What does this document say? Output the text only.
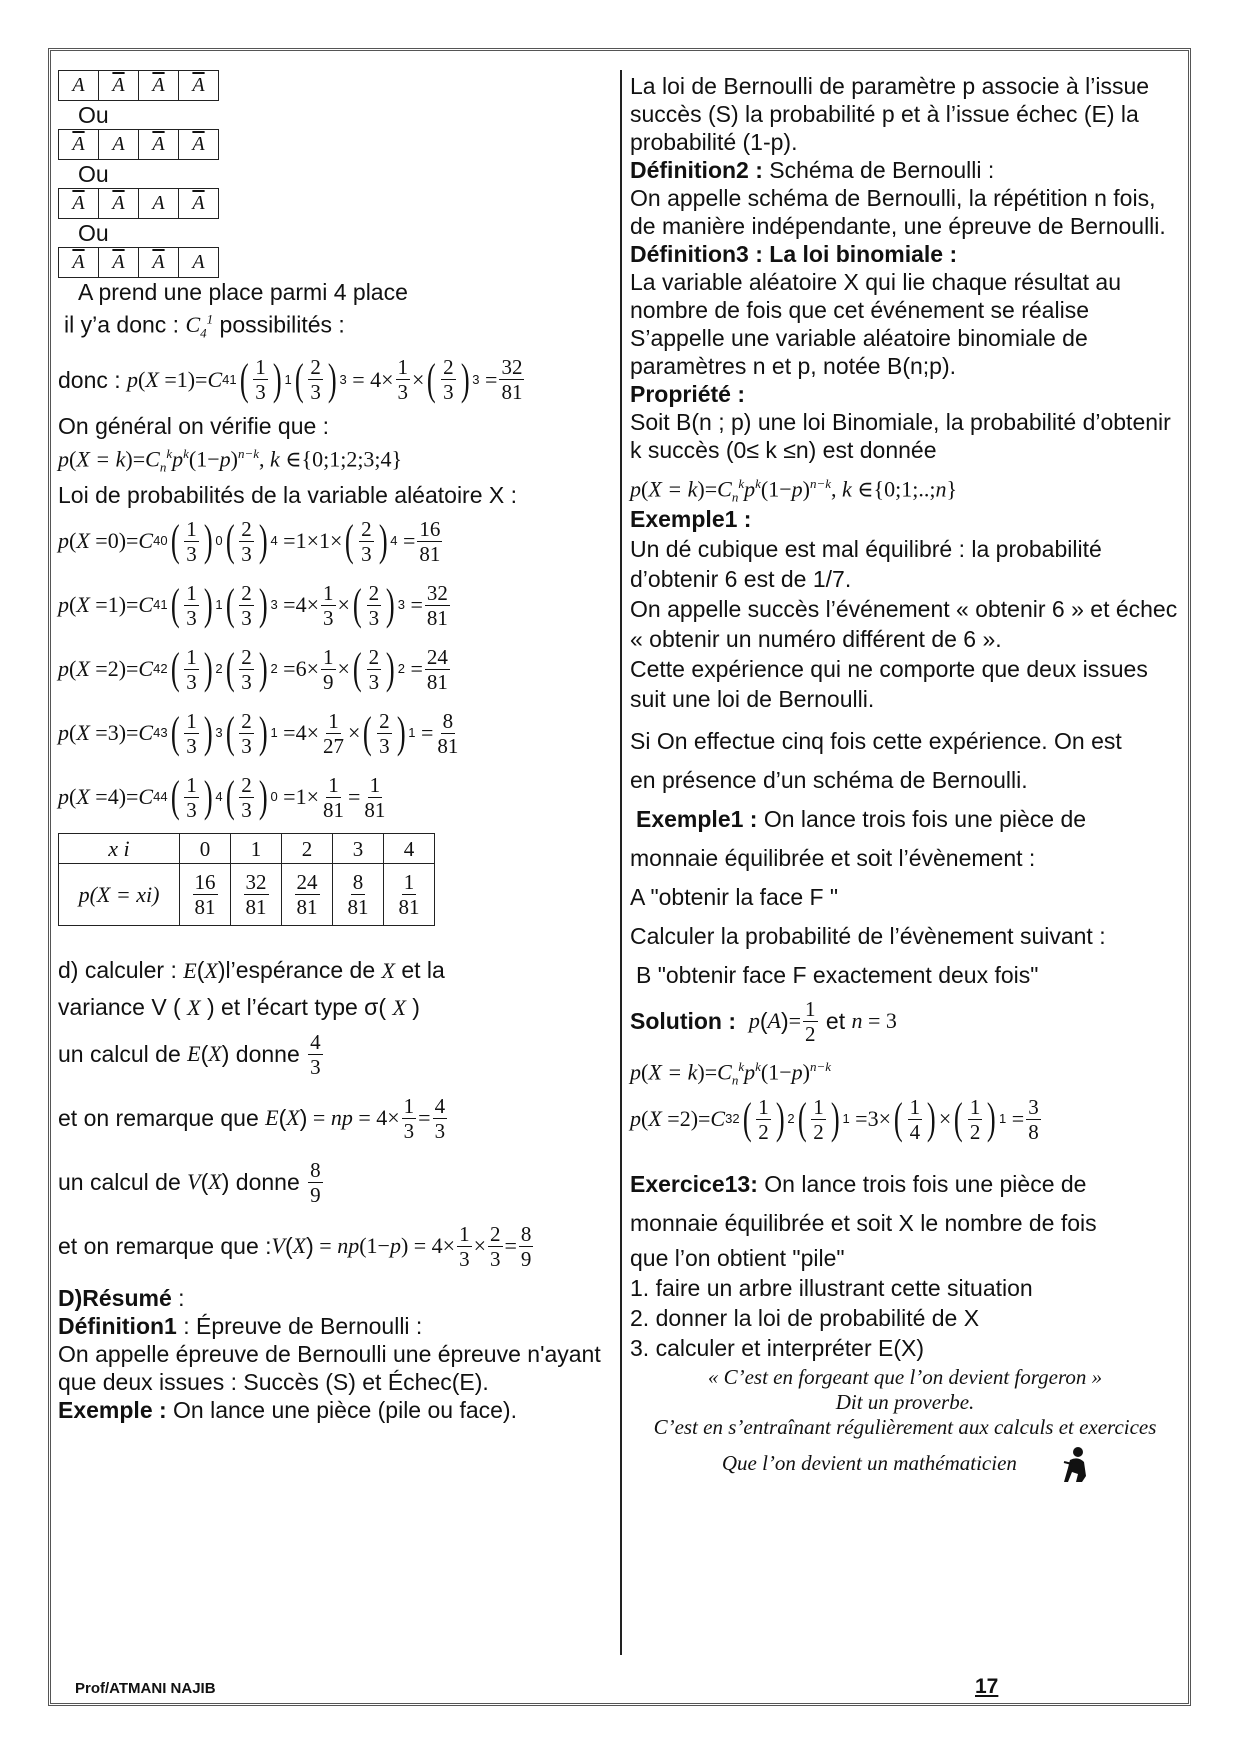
A	$\overline{A}$	$\overline{A}$	$\overline{A}$

Ou

$\overline{A}$	A	$\overline{A}$	$\overline{A}$

Ou

$\overline{A}$	$\overline{A}$	A	$\overline{A}$

Ou

$\overline{A}$	$\overline{A}$	$\overline{A}$	A

A prend une place parmi 4 place

il y’a donc : $C_4^1$ possibilités :

donc :
p ( X =1)= C 4 1 ( 1
3 ) 1 ( 2
3 ) $3 = 4\times \frac{1}{3}$ × ( 2
3 ) $3 = \frac{32}{81}$

On général on vérifie que :

$p(X = k)=C_n^kp^k(1-p)^{n-k}$, k ∈{0;1;2;3;4}

Loi de probabilités de la variable aléatoire X :

p ( X =0)= C 4 0 ( 1
3 ) 0 ( 2
3 ) 4 =1×1× ( 2
3 ) $4 = \frac{16}{81}$
p ( X =1)= C 4 1 ( 1
3 ) 1 ( 2
3 ) $3 =4\times \frac{1}{3}$ × ( 2
3 ) $3 = \frac{32}{81}$
p ( X =2)= C 4 2 ( 1
3 ) 2 ( 2
3 ) $2 =6\times \frac{1}{9}$ × ( 2
3 ) $2 = \frac{24}{81}$
p ( X =3)= C 4 3 ( 1
3 ) 3 ( 2
3 ) $1 =4\times \frac{1}{27}$ × ( 2
3 ) $1 = \frac{8}{81}$
p ( X =4)= C 4 4 ( 1
3 ) 4 ( 2
3 ) $0 =1\times \frac{1}{81} = \frac{1}{81}$
x i	0	1	2	3	4
p(X = xi)	$\frac{16}{81}$	$\frac{32}{81}$	$\frac{24}{81}$	$\frac{8}{81}$	$\frac{1}{81}$

d) calculer : E(X)l’espérance de X et la

variance V ( X ) et l’écart type σ( X )

un calcul de
E ( X ) donne
4
3
et on remarque que
E ( X ) = np = $4\times \frac{1}{3} = \frac{4}{3}$
un calcul de
V ( X ) donne
8
9
et on remarque que : V ( X ) = np (1− p ) = $4\times \frac{1}{3} \times \frac{2}{3} = \frac{8}{9}$

D)Résumé :

Définition1 : Épreuve de Bernoulli :

On appelle épreuve de Bernoulli une épreuve n'ayant que deux issues : Succès (S) et Échec(E).

Exemple : On lance une pièce (pile ou face).

La loi de Bernoulli de paramètre p associe à l’issue succès (S) la probabilité p et à l’issue échec (E) la probabilité (1-p).

Définition2 : Schéma de Bernoulli :

On appelle schéma de Bernoulli, la répétition n fois, de manière indépendante, une épreuve de Bernoulli.

Définition3 : La loi binomiale :

La variable aléatoire X qui lie chaque résultat au nombre de fois que cet événement se réalise S’appelle une variable aléatoire binomiale de paramètres n et p, notée B(n;p).

Propriété :

Soit B(n ; p) une loi Binomiale, la probabilité d’obtenir k succès (0≤ k ≤n) est donnée

$p(X = k)=C_n^kp^k(1-p)^{n-k}$, k ∈{0;1;..;n}

Exemple1 :

Un dé cubique est mal équilibré : la probabilité d’obtenir 6 est de 1/7.

On appelle succès l’événement « obtenir 6 » et échec « obtenir un numéro différent de 6 ».

Cette expérience qui ne comporte que deux issues suit une loi de Bernoulli.

Si On effectue cinq fois cette expérience. On est

en présence d’un schéma de Bernoulli.

Exemple1 : On lance trois fois une pièce de

monnaie équilibrée et soit l’évènement :

A "obtenir la face F "

Calculer la probabilité de l’évènement suivant :

B "obtenir face F exactement deux fois"

Solution :
p ( A ) = $\frac{1}{2}$
et
n = 3

$p(X = k)=C_n^kp^k(1-p)^{n-k}$

p ( X =2)= C 3 2 ( 1
2 ) 2 ( 1
2 ) 1 =3× ( 1
4 ) × ( 1
2 ) $1 = \frac{3}{8}$

Exercice13: On lance trois fois une pièce de

monnaie équilibrée et soit X le nombre de fois

que l’on obtient "pile"

1. faire un arbre illustrant cette situation

2. donner la loi de probabilité de X

3. calculer et interpréter E(X)

« C’est en forgeant que l’on devient forgeron »
Dit un proverbe.
C’est en s’entraînant régulièrement aux calculs et exercices
Que l’on devient un mathématicien
Prof/ATMANI NAJIB	17
